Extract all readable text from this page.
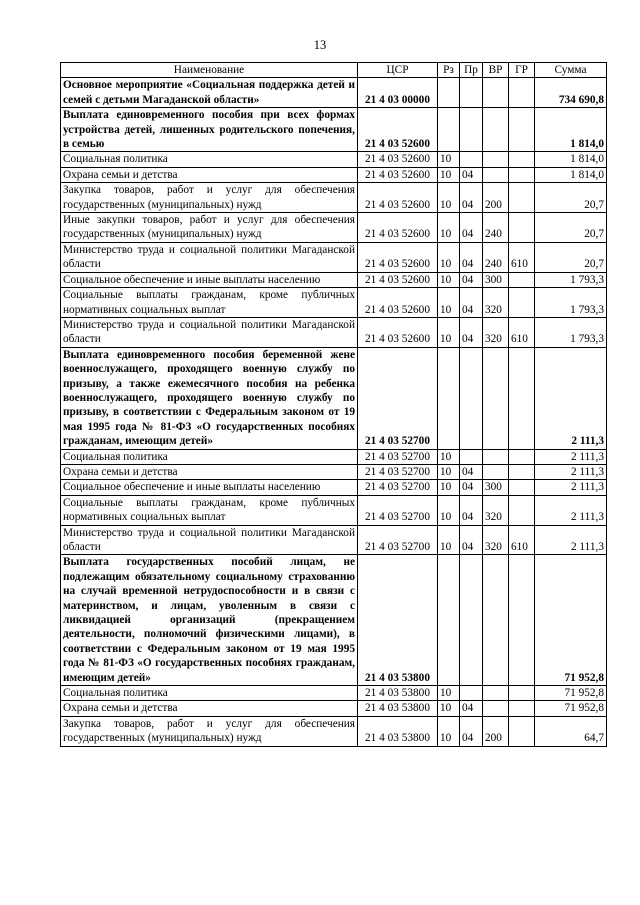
13
Наименование	ЦСР	Рз	Пр	ВР	ГР	Сумма
Основное мероприятие «Социальная поддержка детей и семей с детьми Магаданской области»	21 4 03 00000					734 690,8
Выплата единовременного пособия при всех формах устройства детей, лишенных родительского попечения, в семью	21 4 03 52600					1 814,0
Социальная политика	21 4 03 52600	10				1 814,0
Охрана семьи и детства	21 4 03 52600	10	04			1 814,0
Закупка товаров, работ и услуг для обеспечения государственных (муниципальных) нужд	21 4 03 52600	10	04	200		20,7
Иные закупки товаров, работ и услуг для обеспечения государственных (муниципальных) нужд	21 4 03 52600	10	04	240		20,7
Министерство труда и социальной политики Магаданской области	21 4 03 52600	10	04	240	610	20,7
Социальное обеспечение и иные выплаты населению	21 4 03 52600	10	04	300		1 793,3
Социальные выплаты гражданам, кроме публичных нормативных социальных выплат	21 4 03 52600	10	04	320		1 793,3
Министерство труда и социальной политики Магаданской области	21 4 03 52600	10	04	320	610	1 793,3
Выплата единовременного пособия беременной жене военнослужащего, проходящего военную службу по призыву, а также ежемесячного пособия на ребенка военнослужащего, проходящего военную службу по призыву, в соответствии с Федеральным законом от 19 мая 1995 года № 81-ФЗ «О государственных пособиях гражданам, имеющим детей»	21 4 03 52700					2 111,3
Социальная политика	21 4 03 52700	10				2 111,3
Охрана семьи и детства	21 4 03 52700	10	04			2 111,3
Социальное обеспечение и иные выплаты населению	21 4 03 52700	10	04	300		2 111,3
Социальные выплаты гражданам, кроме публичных нормативных социальных выплат	21 4 03 52700	10	04	320		2 111,3
Министерство труда и социальной политики Магаданской области	21 4 03 52700	10	04	320	610	2 111,3
Выплата государственных пособий лицам, не подлежащим обязательному социальному страхованию на случай временной нетрудоспособности и в связи с материнством, и лицам, уволенным в связи с ликвидацией организаций (прекращением деятельности, полномочий физическими лицами), в соответствии с Федеральным законом от 19 мая 1995 года № 81-ФЗ «О государственных пособиях гражданам, имеющим детей»	21 4 03 53800					71 952,8
Социальная политика	21 4 03 53800	10				71 952,8
Охрана семьи и детства	21 4 03 53800	10	04			71 952,8
Закупка товаров, работ и услуг для обеспечения государственных (муниципальных) нужд	21 4 03 53800	10	04	200		64,7
